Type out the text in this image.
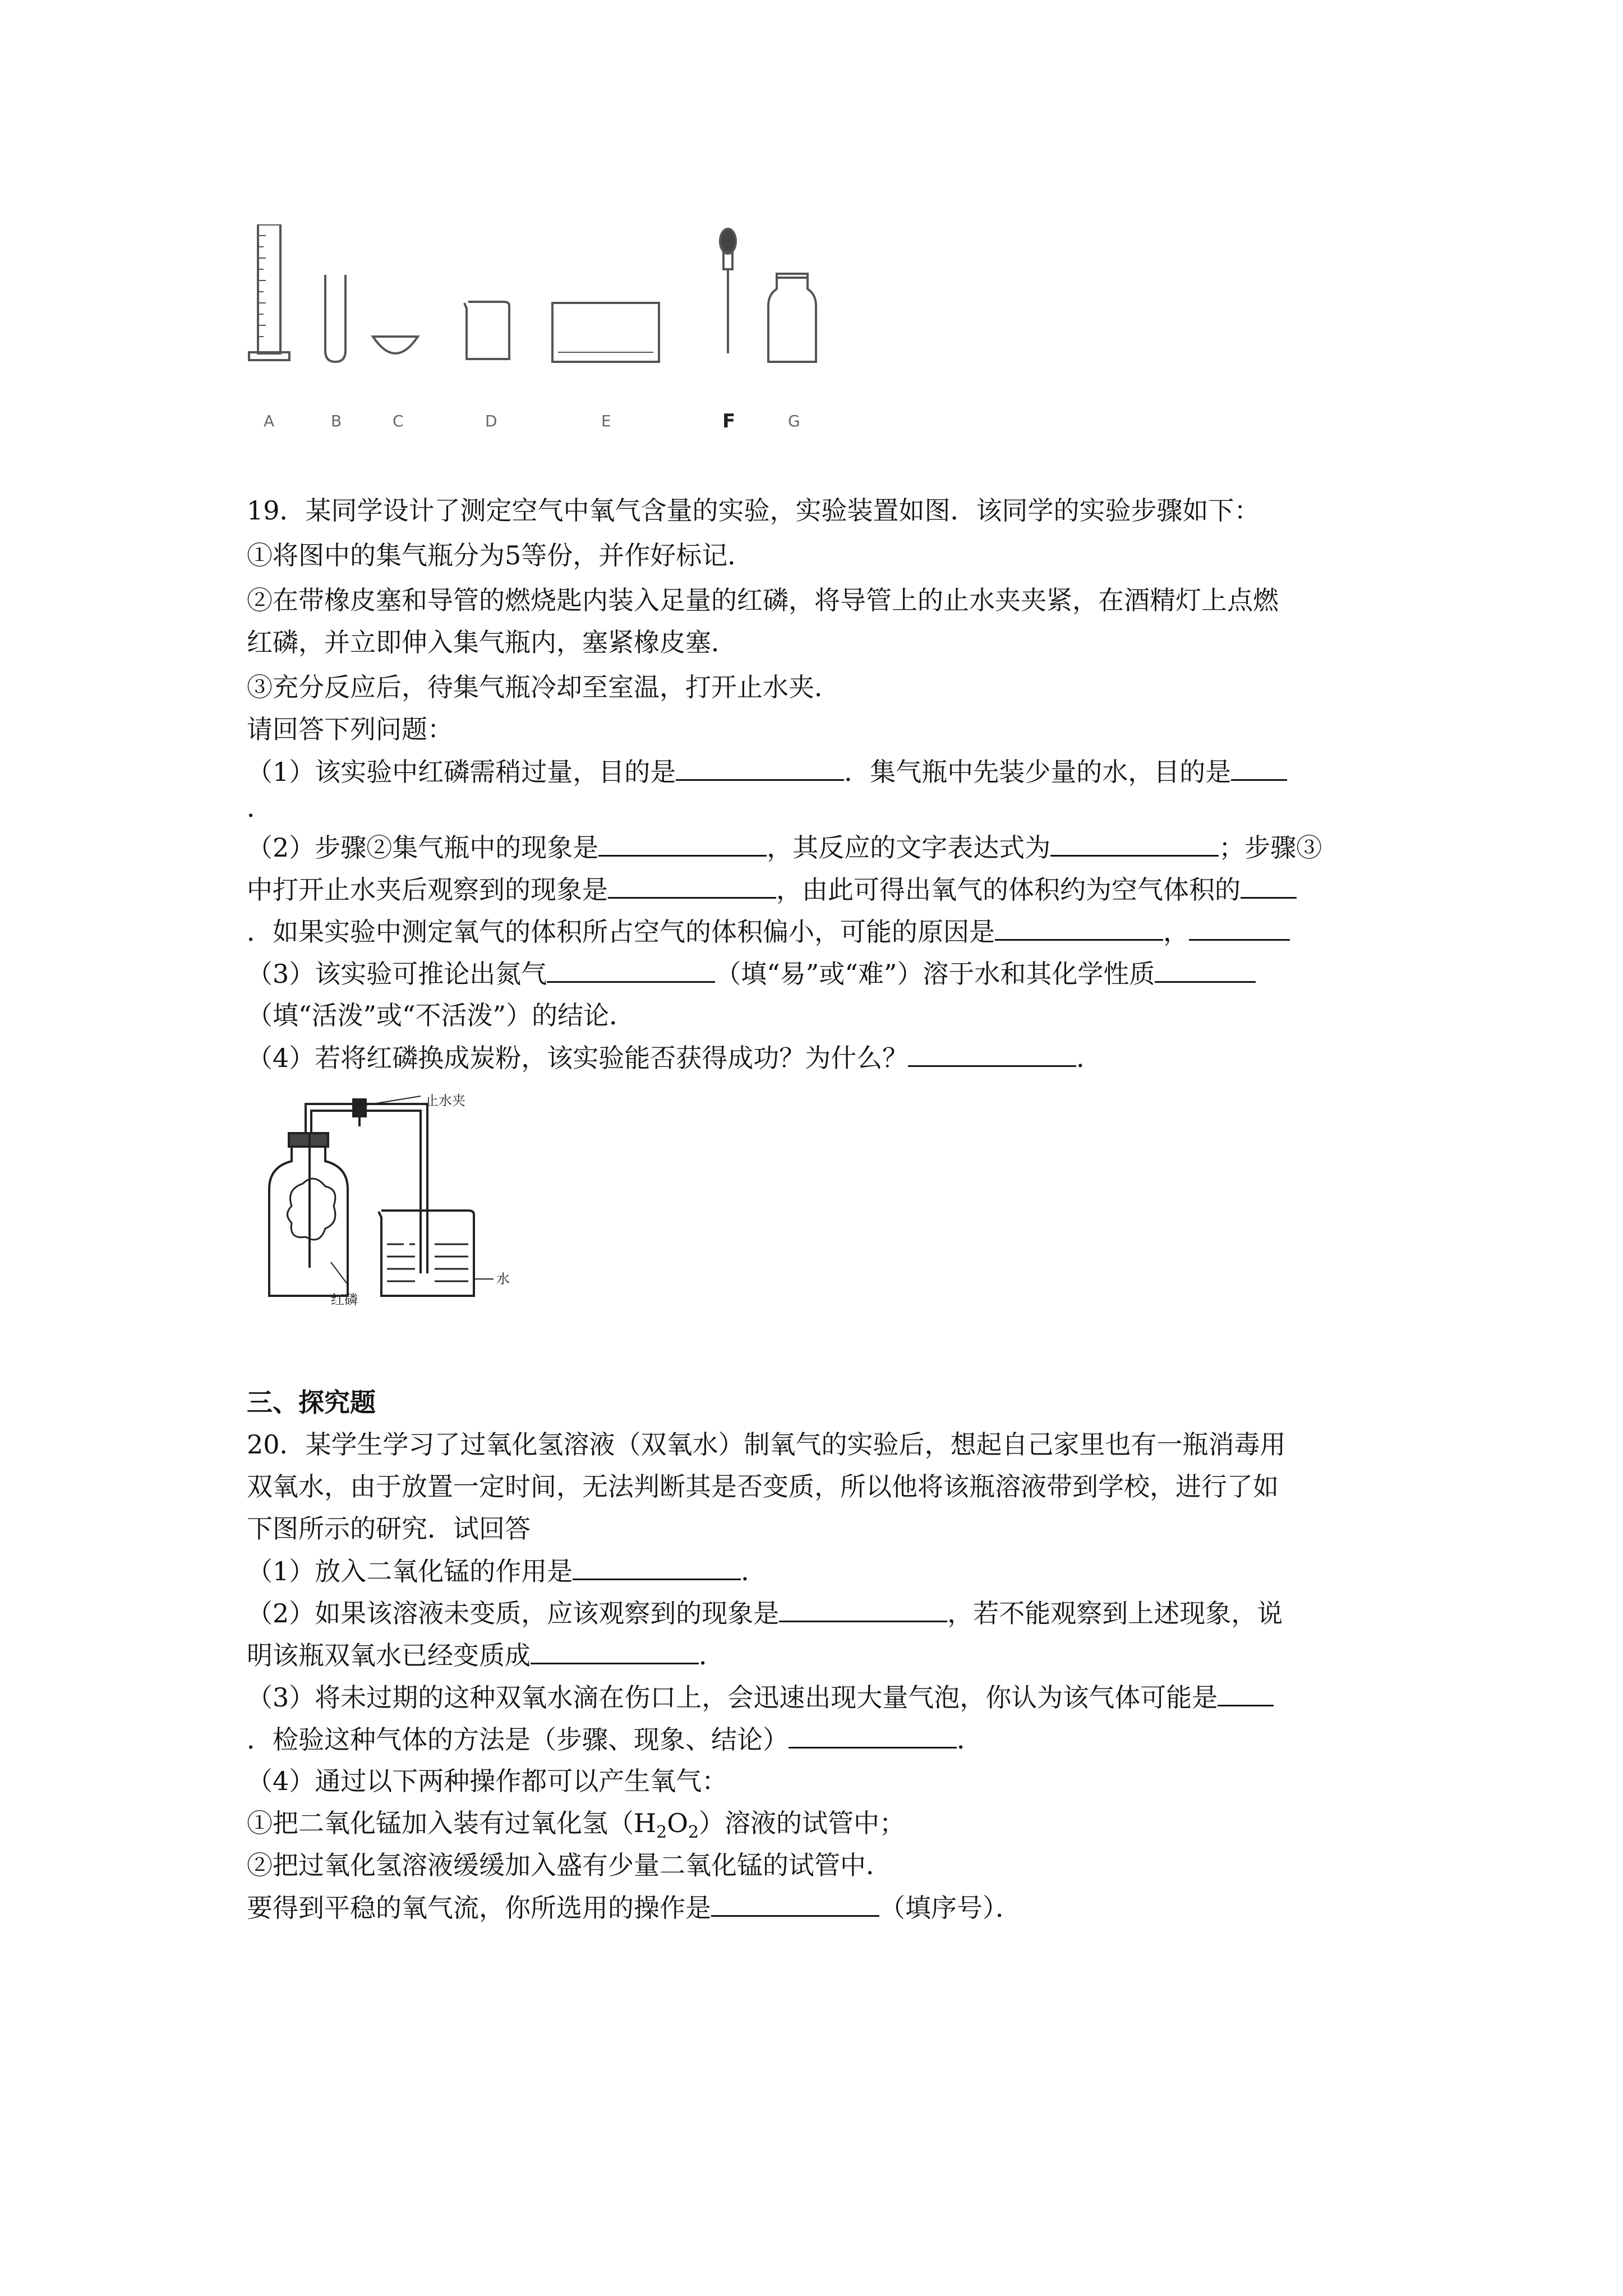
A	B	C	D	E	F	G
19．某同学设计了测定空气中氧气含量的实验，实验装置如图．该同学的实验步骤如下：
①将图中的集气瓶分为5等份，并作好标记．
②在带橡皮塞和导管的燃烧匙内装入足量的红磷，将导管上的止水夹夹紧，在酒精灯上点燃
红磷，并立即伸入集气瓶内，塞紧橡皮塞．
③充分反应后，待集气瓶冷却至室温，打开止水夹．
请回答下列问题：
（1）该实验中红磷需稍过量，目的是	．集气瓶中先装少量的水，目的是
．
（2）步骤②集气瓶中的现象是	，其反应的文字表达式为	；步骤③
中打开止水夹后观察到的现象是	，由此可得出氧气的体积约为空气体积的
．如果实验中测定氧气的体积所占空气的体积偏小，可能的原因是	，
（3）该实验可推论出氮气	（填“易”或“难”）溶于水和其化学性质
（填“活泼”或“不活泼”）的结论．
（4）若将红磷换成炭粉，该实验能否获得成功？为什么？	．
止水夹
红磷
水
三、探究题
20．某学生学习了过氧化氢溶液（双氧水）制氧气的实验后，想起自己家里也有一瓶消毒用
双氧水，由于放置一定时间，无法判断其是否变质，所以他将该瓶溶液带到学校，进行了如
下图所示的研究．试回答
（1）放入二氧化锰的作用是	．
（2）如果该溶液未变质，应该观察到的现象是	，若不能观察到上述现象，说
明该瓶双氧水已经变质成	．
（3）将未过期的这种双氧水滴在伤口上，会迅速出现大量气泡，你认为该气体可能是
．检验这种气体的方法是（步骤、现象、结论）	．
（4）通过以下两种操作都可以产生氧气：
①把二氧化锰加入装有过氧化氢$(H_2O_2)$溶液的试管中；
②把过氧化氢溶液缓缓加入盛有少量二氧化锰的试管中．
要得到平稳的氧气流，你所选用的操作是	（填序号）．
